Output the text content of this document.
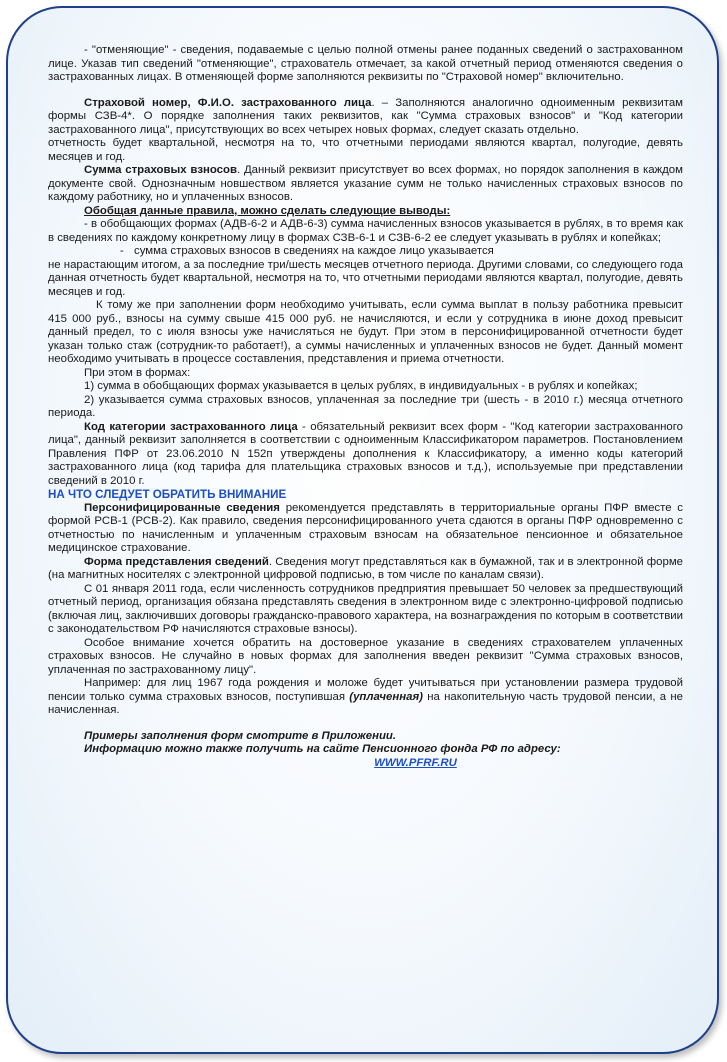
- "отменяющие" - сведения, подаваемые с целью полной отмены ранее поданных сведений о застрахованном лице. Указав тип сведений "отменяющие", страхователь отмечает, за какой отчетный период отменяются сведения о застрахованных лицах. В отменяющей форме заполняются реквизиты по "Страховой номер" включительно.

Страховой номер, Ф.И.О. застрахованного лица. – Заполняются аналогично одноименным реквизитам формы СЗВ-4*. О порядке заполнения таких реквизитов, как "Сумма страховых взносов" и "Код категории застрахованного лица", присутствующих во всех четырех новых формах, следует сказать отдельно.

отчетность будет квартальной, несмотря на то, что отчетными периодами являются квартал, полугодие, девять месяцев и год.

Сумма страховых взносов. Данный реквизит присутствует во всех формах, но порядок заполнения в каждом документе свой. Однозначным новшеством является указание сумм не только начисленных страховых взносов по каждому работнику, но и уплаченных взносов.

Обобщая данные правила, можно сделать следующие выводы:

- в обобщающих формах (АДВ-6-2 и АДВ-6-3) сумма начисленных взносов указывается в рублях, в то время как в сведениях по каждому конкретному лицу в формах СЗВ-6-1 и СЗВ-6-2 ее следует указывать в рублях и копейках;

- сумма страховых взносов в сведениях на каждое лицо указывается

не нарастающим итогом, а за последние три/шесть месяцев отчетного периода. Другими словами, со следующего года данная отчетность будет квартальной, несмотря на то, что отчетными периодами являются квартал, полугодие, девять месяцев и год.

К тому же при заполнении форм необходимо учитывать, если сумма выплат в пользу работника превысит 415 000 руб., взносы на сумму свыше 415 000 руб. не начисляются, и если у сотрудника в июне доход превысит данный предел, то с июля взносы уже начисляться не будут. При этом в персонифицированной отчетности будет указан только стаж (сотрудник-то работает!), а суммы начисленных и уплаченных взносов не будет. Данный момент необходимо учитывать в процессе составления, представления и приема отчетности.

При этом в формах:

1) сумма в обобщающих формах указывается в целых рублях, в индивидуальных - в рублях и копейках;

2) указывается сумма страховых взносов, уплаченная за последние три (шесть - в 2010 г.) месяца отчетного периода.

Код категории застрахованного лица - обязательный реквизит всех форм - "Код категории застрахованного лица", данный реквизит заполняется в соответствии с одноименным Классификатором параметров. Постановлением Правления ПФР от 23.06.2010 N 152п утверждены дополнения к Классификатору, а именно коды категорий застрахованного лица (код тарифа для плательщика страховых взносов и т.д.), используемые при представлении сведений в 2010 г.

НА ЧТО СЛЕДУЕТ ОБРАТИТЬ ВНИМАНИЕ

Персонифицированные сведения рекомендуется представлять в территориальные органы ПФР вместе с формой РСВ-1 (РСВ-2). Как правило, сведения персонифицированного учета сдаются в органы ПФР одновременно с отчетностью по начисленным и уплаченным страховым взносам на обязательное пенсионное и обязательное медицинское страхование.

Форма представления сведений. Сведения могут представляться как в бумажной, так и в электронной форме (на магнитных носителях с электронной цифровой подписью, в том числе по каналам связи).

С 01 января 2011 года, если численность сотрудников предприятия превышает 50 человек за предшествующий отчетный период, организация обязана представлять сведения в электронном виде с электронно-цифровой подписью (включая лиц, заключивших договоры гражданско-правового характера, на вознаграждения по которым в соответствии с законодательством РФ начисляются страховые взносы).

Особое внимание хочется обратить на достоверное указание в сведениях страхователем уплаченных страховых взносов. Не случайно в новых формах для заполнения введен реквизит "Сумма страховых взносов, уплаченная по застрахованному лицу".

Например: для лиц 1967 года рождения и моложе будет учитываться при установлении размера трудовой пенсии только сумма страховых взносов, поступившая (уплаченная) на накопительную часть трудовой пенсии, а не начисленная.

Примеры заполнения форм смотрите в Приложении.

Информацию можно также получить на сайте Пенсионного фонда РФ по адресу:

WWW.PFRF.RU
